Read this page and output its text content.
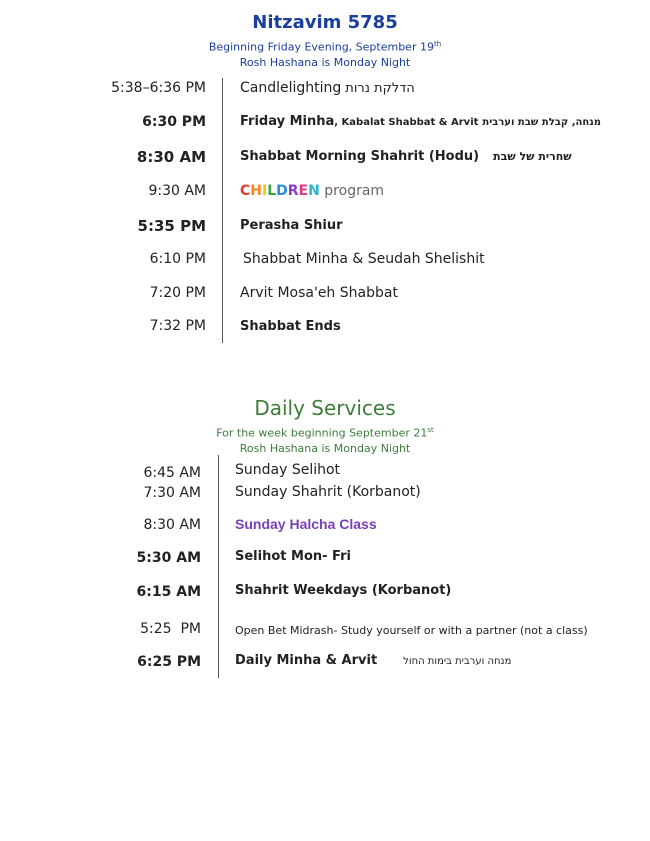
Nitzavim 5785
Beginning Friday Evening, September 19th
Rosh Hashana is Monday Night
5:38–6:36 PM Candlelighting הדלקת נרות
6:30 PM	Friday Minha, Kabalat Shabbat & Arvit מנחה, קבלת שבת וערבית
8:30 AM	Shabbat Morning Shahrit (Hodu) שחרית של שבת
9:30 AM CHILDREN program
5:35 PM	Perasha Shiur
6:10 PM	Shabbat Minha & Seudah Shelishit
7:20 PM Arvit Mosa'eh Shabbat
7:32 PM	Shabbat Ends
Daily Services
For the week beginning September 21st
Rosh Hashana is Monday Night
6:45 AM Sunday Selihot
7:30 AM Sunday Shahrit (Korbanot)
8:30 AM Sunday Halcha Class
5:30 AM	Selihot Mon- Fri
6:15 AM	Shahrit Weekdays (Korbanot)
5:25  PM	Open Bet Midrash- Study yourself or with a partner (not a class)
6:25 PM	Daily Minha & Arvit	מנחה וערבית בימות החול
